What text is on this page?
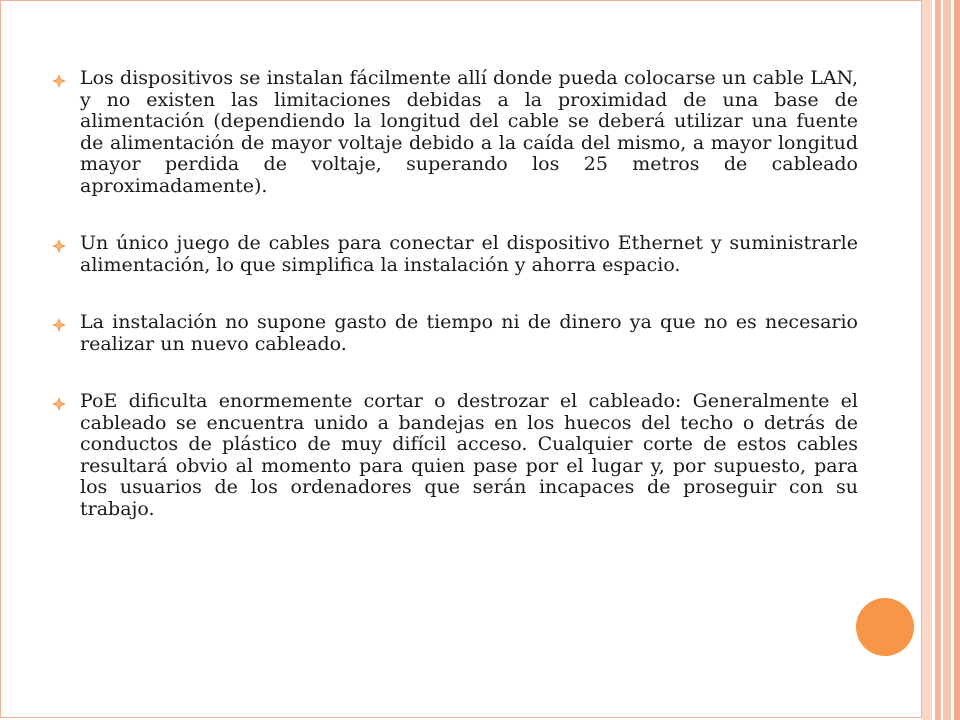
Los dispositivos se instalan fácilmente allí donde pueda colocarse un cable LAN, y no existen las limitaciones debidas a la proximidad de una base de alimentación (dependiendo la longitud del cable se deberá utilizar una fuente de alimentación de mayor voltaje debido a la caída del mismo, a mayor longitud mayor perdida de voltaje, superando los 25 metros de cableado aproximadamente).
Un único juego de cables para conectar el dispositivo Ethernet y suministrarle alimentación, lo que simplifica la instalación y ahorra espacio.
La instalación no supone gasto de tiempo ni de dinero ya que no es necesario realizar un nuevo cableado.
PoE dificulta enormemente cortar o destrozar el cableado: Generalmente el cableado se encuentra unido a bandejas en los huecos del techo o detrás de conductos de plástico de muy difícil acceso. Cualquier corte de estos cables resultará obvio al momento para quien pase por el lugar y, por supuesto, para los usuarios de los ordenadores que serán incapaces de proseguir con su trabajo.
